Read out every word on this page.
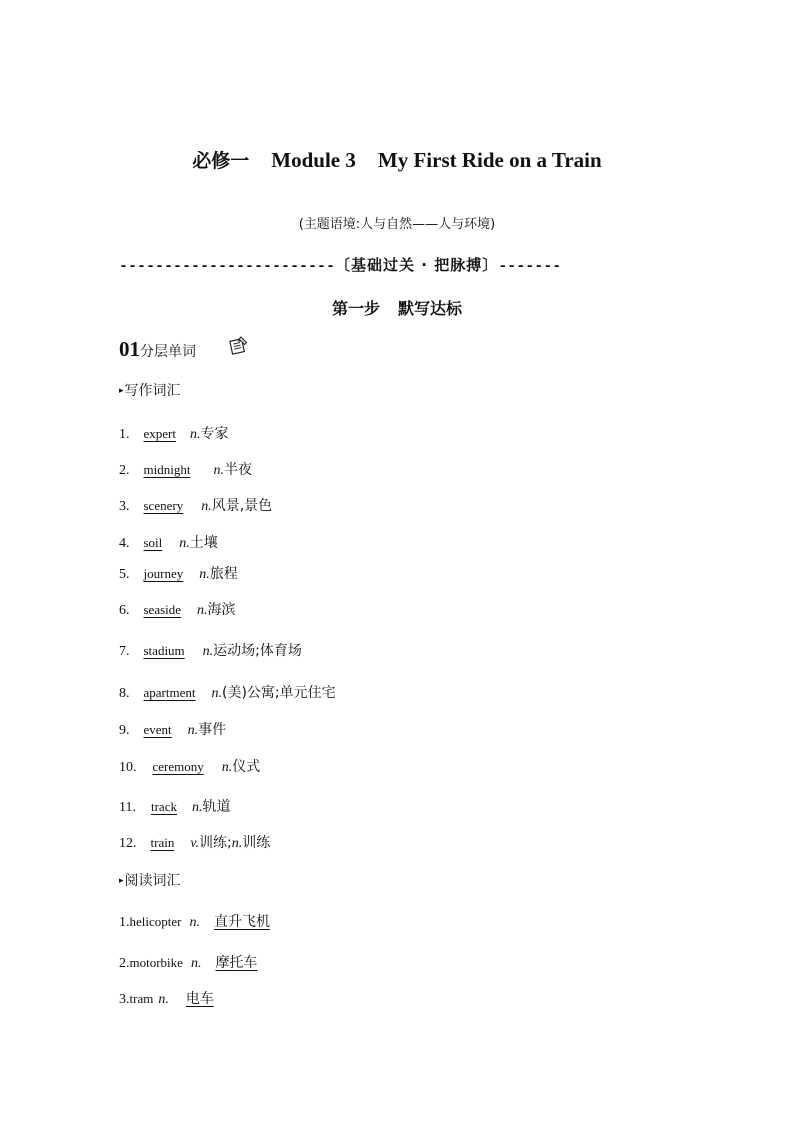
必修一 Module 3 My First Ride on a Train
(主题语境:人与自然——人与环境)
------------------------〔基础过关 · 把脉搏〕-------
第一步 默写达标
01分层单词
▸写作词汇
1. expert n.专家
2. midnight n.半夜
3. scenery n.风景,景色
4. soil n.土壤
5. journey n.旅程
6. seaside n.海滨
7. stadium n.运动场;体育场
8. apartment n.(美)公寓;单元住宅
9. event n.事件
10. ceremony n.仪式
11. track n.轨道
12. train v.训练;n.训练
▸阅读词汇
1.helicopter n. 直升飞机
2.motorbike n. 摩托车
3.tram n. 电车
